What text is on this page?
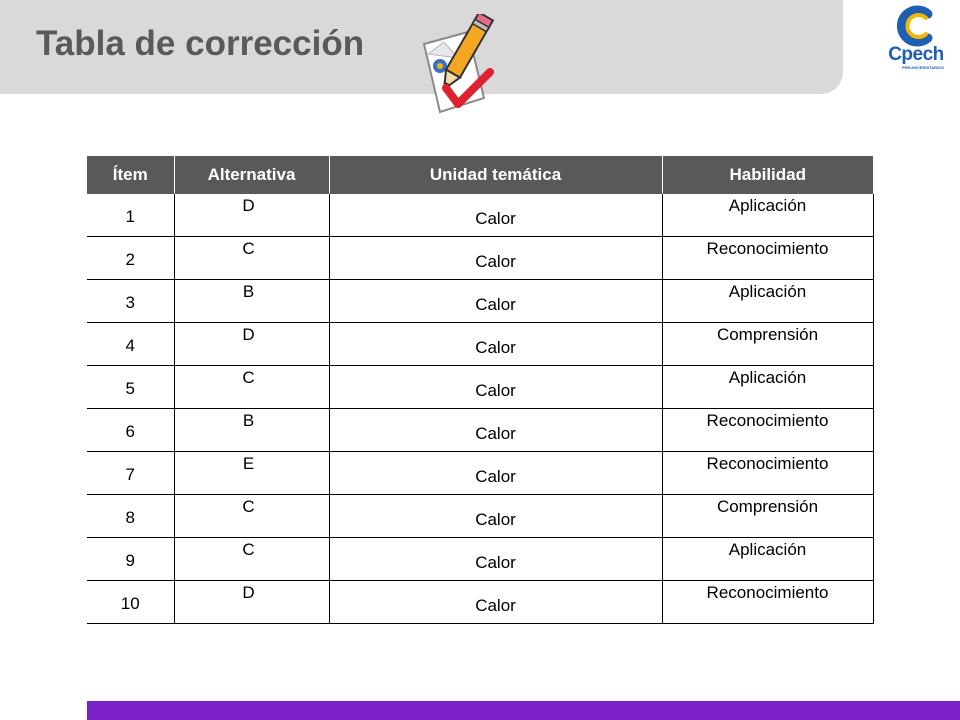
Tabla de corrección	Cpech
PREUNIVERSITARIOS
Ítem	Alternativa	Unidad temática	Habilidad
1	D	Calor	Aplicación

2	C	Calor	Reconocimiento

3	B	Calor	Aplicación

4	D	Calor	Comprensión

5	C	Calor	Aplicación

6	B	Calor	Reconocimiento

7	E	Calor	Reconocimiento

8	C	Calor	Comprensión

9	C	Calor	Aplicación

10	D	Calor	Reconocimiento
